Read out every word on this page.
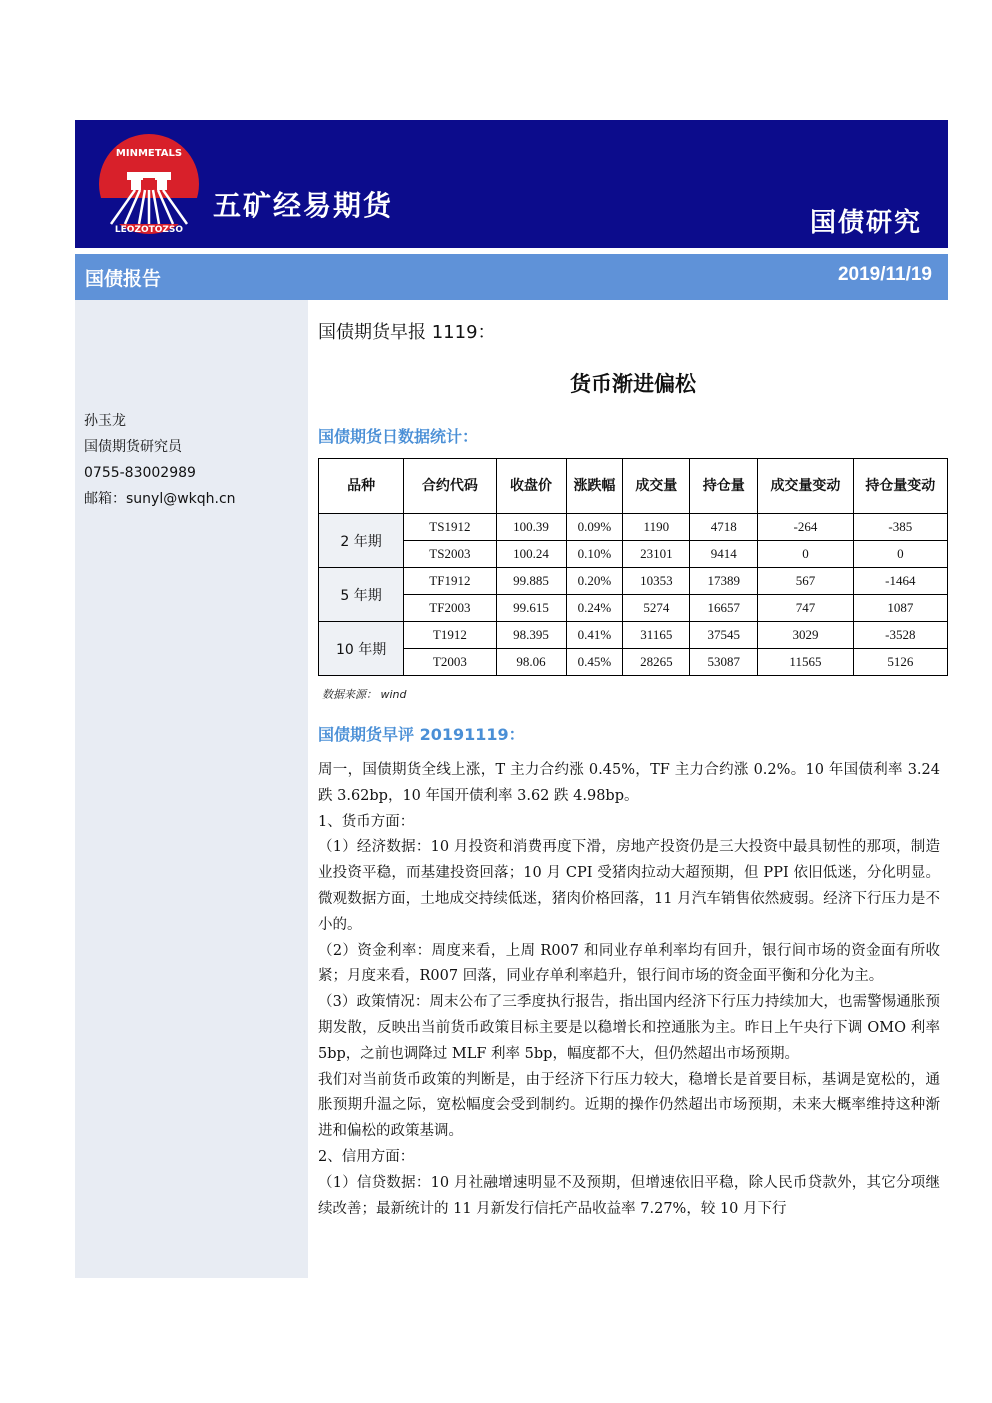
LEOZOTOZSO
MINMETALS
五矿经易期货
国债研究
国债报告	2019/11/19
孙玉龙
国债期货研究员
0755-83002989
邮箱：sunyl@wkqh.cn
国债期货早报 1119：
货币渐进偏松
国债期货日数据统计：
品种	合约代码	收盘价	涨跌幅	成交量	持仓量	成交量变动	持仓量变动
2 年期	TS1912	100.39	0.09%	1190	4718	-264	-385
	TS2003	100.24	0.10%	23101	9414	0	0
5 年期	TF1912	99.885	0.20%	10353	17389	567	-1464
	TF2003	99.615	0.24%	5274	16657	747	1087
10 年期	T1912	98.395	0.41%	31165	37545	3029	-3528
	T2003	98.06	0.45%	28265	53087	11565	5126
数据来源： wind
国债期货早评 20191119：

周一，国债期货全线上涨，T 主力合约涨 0.45%，TF 主力合约涨 0.2%。10 年国债利率 3.24 跌 3.62bp，10 年国开债利率 3.62 跌 4.98bp。

1、货币方面：

（1）经济数据：10 月投资和消费再度下滑，房地产投资仍是三大投资中最具韧性的那项，制造业投资平稳，而基建投资回落；10 月 CPI 受猪肉拉动大超预期，但 PPI 依旧低迷，分化明显。微观数据方面，土地成交持续低迷，猪肉价格回落，11 月汽车销售依然疲弱。经济下行压力是不小的。

（2）资金利率：周度来看，上周 R007 和同业存单利率均有回升，银行间市场的资金面有所收紧；月度来看，R007 回落，同业存单利率趋升，银行间市场的资金面平衡和分化为主。

（3）政策情况：周末公布了三季度执行报告，指出国内经济下行压力持续加大，也需警惕通胀预期发散，反映出当前货币政策目标主要是以稳增长和控通胀为主。昨日上午央行下调 OMO 利率 5bp，之前也调降过 MLF 利率 5bp，幅度都不大，但仍然超出市场预期。

我们对当前货币政策的判断是，由于经济下行压力较大，稳增长是首要目标，基调是宽松的，通胀预期升温之际，宽松幅度会受到制约。近期的操作仍然超出市场预期，未来大概率维持这种渐进和偏松的政策基调。

2、信用方面：

（1）信贷数据：10 月社融增速明显不及预期，但增速依旧平稳，除人民币贷款外，其它分项继续改善；最新统计的 11 月新发行信托产品收益率 7.27%，较 10 月下行
